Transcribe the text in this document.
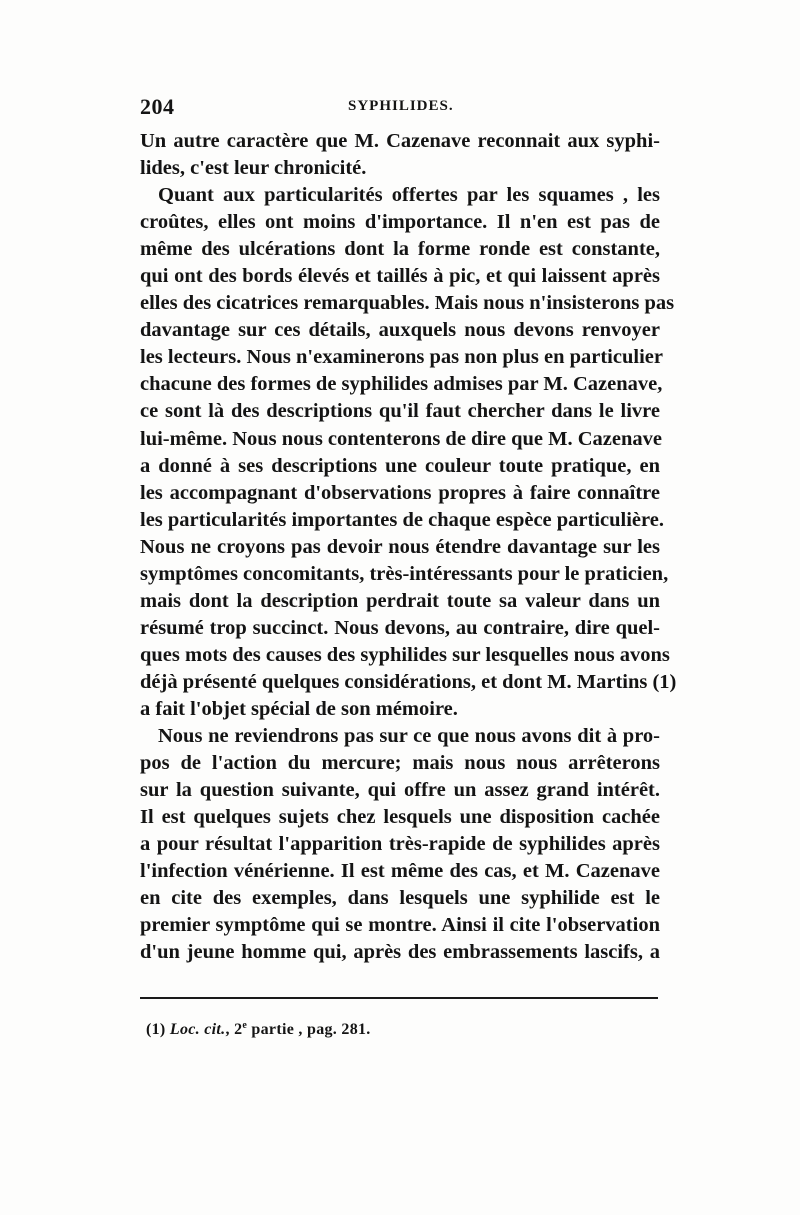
204	SYPHILIDES.
Un autre caractère que M. Cazenave reconnait aux syphi-
lides, c'est leur chronicité.
Quant aux particularités offertes par les squames , les
croûtes, elles ont moins d'importance. Il n'en est pas de
même des ulcérations dont la forme ronde est constante,
qui ont des bords élevés et taillés à pic, et qui laissent après
elles des cicatrices remarquables. Mais nous n'insisterons pas
davantage sur ces détails, auxquels nous devons renvoyer
les lecteurs. Nous n'examinerons pas non plus en particulier
chacune des formes de syphilides admises par M. Cazenave,
ce sont là des descriptions qu'il faut chercher dans le livre
lui-même. Nous nous contenterons de dire que M. Cazenave
a donné à ses descriptions une couleur toute pratique, en
les accompagnant d'observations propres à faire connaître
les particularités importantes de chaque espèce particulière.
Nous ne croyons pas devoir nous étendre davantage sur les
symptômes concomitants, très-intéressants pour le praticien,
mais dont la description perdrait toute sa valeur dans un
résumé trop succinct. Nous devons, au contraire, dire quel-
ques mots des causes des syphilides sur lesquelles nous avons
déjà présenté quelques considérations, et dont M. Martins (1)
a fait l'objet spécial de son mémoire.
Nous ne reviendrons pas sur ce que nous avons dit à pro-
pos de l'action du mercure; mais nous nous arrêterons
sur la question suivante, qui offre un assez grand intérêt.
Il est quelques sujets chez lesquels une disposition cachée
a pour résultat l'apparition très-rapide de syphilides après
l'infection vénérienne. Il est même des cas, et M. Cazenave
en cite des exemples, dans lesquels une syphilide est le
premier symptôme qui se montre. Ainsi il cite l'observation
d'un jeune homme qui, après des embrassements lascifs, a
(1) Loc. cit., 2e partie , pag. 281.
